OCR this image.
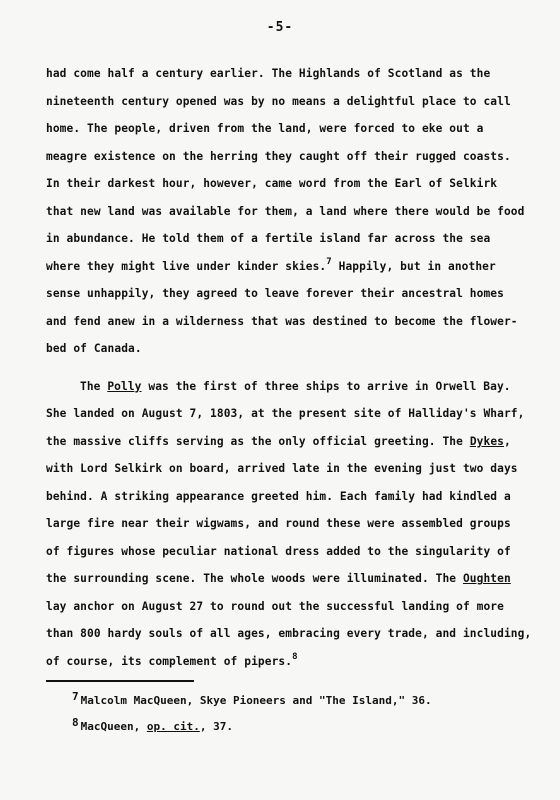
-5-
had come half a century earlier. The Highlands of Scotland as the
nineteenth century opened was by no means a delightful place to call
home. The people, driven from the land, were forced to eke out a
meagre existence on the herring they caught off their rugged coasts.
In their darkest hour, however, came word from the Earl of Selkirk
that new land was available for them, a land where there would be food
in abundance. He told them of a fertile island far across the sea
where they might live under kinder skies.$^7$ Happily, but in another
sense unhappily, they agreed to leave forever their ancestral homes
and fend anew in a wilderness that was destined to become the flower-
bed of Canada.
The Polly was the first of three ships to arrive in Orwell Bay.
She landed on August 7, 1803, at the present site of Halliday's Wharf,
the massive cliffs serving as the only official greeting. The Dykes,
with Lord Selkirk on board, arrived late in the evening just two days
behind. A striking appearance greeted him. Each family had kindled a
large fire near their wigwams, and round these were assembled groups
of figures whose peculiar national dress added to the singularity of
the surrounding scene. The whole woods were illuminated. The Oughten
lay anchor on August 27 to round out the successful landing of more
than 800 hardy souls of all ages, embracing every trade, and including,
of course, its complement of pipers.$^8$
$^7$ Malcolm MacQueen, Skye Pioneers and "The Island," 36.
$^8$ MacQueen, op. cit., 37.
